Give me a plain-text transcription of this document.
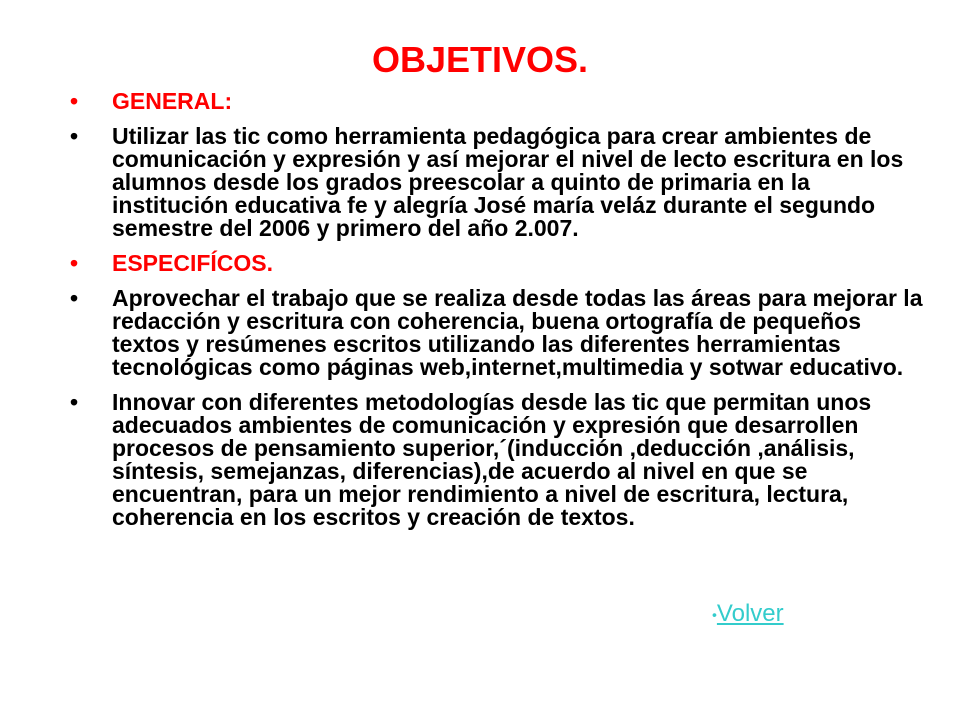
OBJETIVOS.
•	GENERAL:
•	Utilizar las tic como herramienta pedagógica para crear ambientes de comunicación y expresión y así mejorar el nivel de lecto escritura en los alumnos desde los grados preescolar a quinto de primaria en la institución educativa fe y alegría José maría veláz durante el segundo semestre del 2006 y primero del año 2.007.
•	ESPECIFÍCOS.
•	Aprovechar el trabajo que se realiza desde todas las áreas para mejorar la redacción y escritura con coherencia, buena ortografía de pequeños textos y resúmenes escritos utilizando las diferentes herramientas tecnológicas como páginas web,internet,multimedia y sotwar educativo.
•	Innovar con diferentes metodologías desde las tic que permitan unos adecuados ambientes de comunicación y expresión que desarrollen procesos de pensamiento superior,´(inducción ,deducción ,análisis, síntesis, semejanzas, diferencias),de acuerdo al nivel en que se encuentran, para un mejor rendimiento a nivel de escritura, lectura, coherencia en los escritos y creación de textos.
•Volver
